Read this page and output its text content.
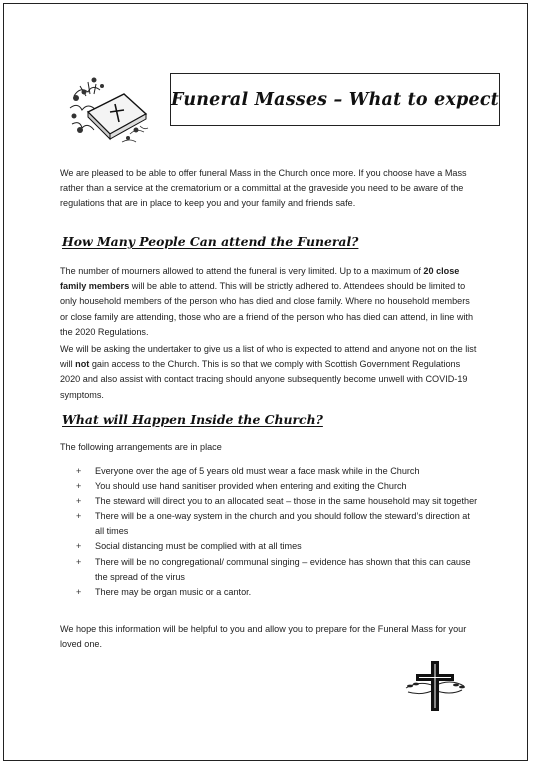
Funeral Masses – What to expect
We are pleased to be able to offer funeral Mass in the Church once more. If you choose have a Mass rather than a service at the crematorium or a committal at the graveside you need to be aware of the regulations that are in place to keep you and your family and friends safe.
How Many People Can attend the Funeral?
The number of mourners allowed to attend the funeral is very limited. Up to a maximum of 20 close family members will be able to attend. This will be strictly adhered to. Attendees should be limited to only household members of the person who has died and close family. Where no household members or close family are attending, those who are a friend of the person who has died can attend, in line with the 2020 Regulations.
We will be asking the undertaker to give us a list of who is expected to attend and anyone not on the list will not gain access to the Church. This is so that we comply with Scottish Government Regulations 2020 and also assist with contact tracing should anyone subsequently become unwell with COVID-19 symptoms.
What will Happen Inside the Church?
The following arrangements are in place
+ Everyone over the age of 5 years old must wear a face mask while in the Church
+ You should use hand sanitiser provided when entering and exiting the Church
+ The steward will direct you to an allocated seat – those in the same household may sit together
+ There will be a one-way system in the church and you should follow the steward’s direction at all times
+ Social distancing must be complied with at all times
+ There will be no congregational/ communal singing – evidence has shown that this can cause the spread of the virus
+ There may be organ music or a cantor.
We hope this information will be helpful to you and allow you to prepare for the Funeral Mass for your loved one.
